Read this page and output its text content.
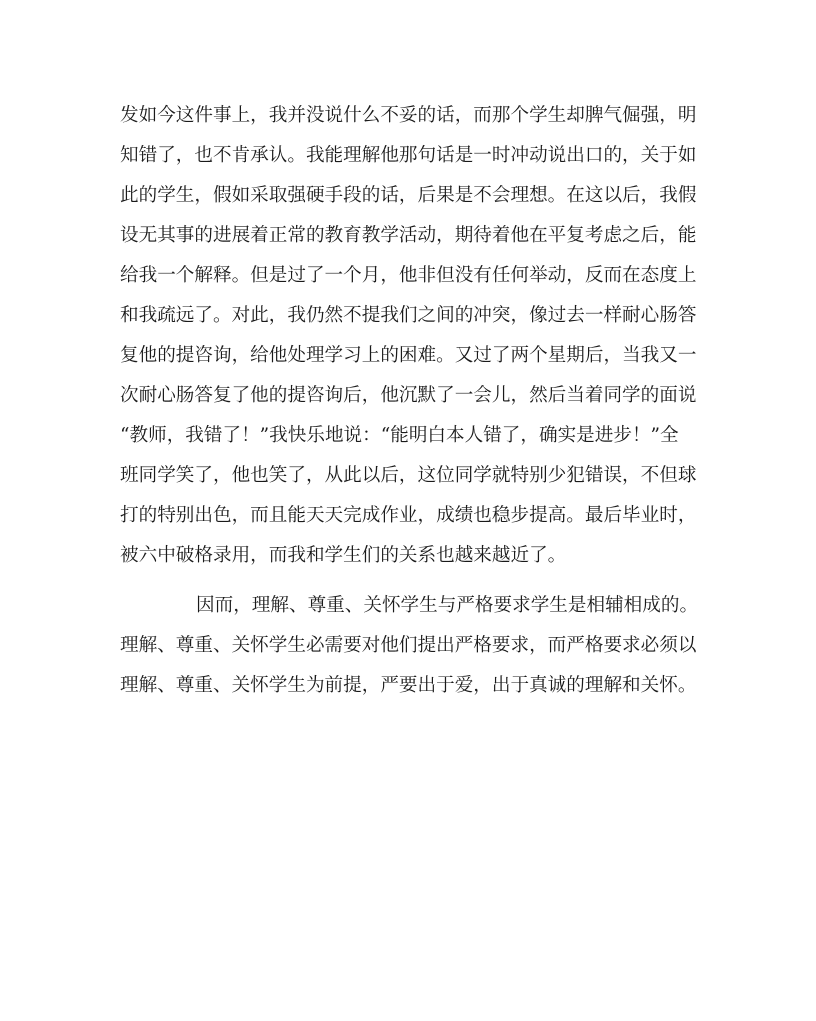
发如今这件事上，我并没说什么不妥的话，而那个学生却脾气倔强，明
知错了，也不肯承认。我能理解他那句话是一时冲动说出口的，关于如
此的学生，假如采取强硬手段的话，后果是不会理想。在这以后，我假
设无其事的进展着正常的教育教学活动，期待着他在平复考虑之后，能
给我一个解释。但是过了一个月，他非但没有任何举动，反而在态度上
和我疏远了。对此，我仍然不提我们之间的冲突，像过去一样耐心肠答
复他的提咨询，给他处理学习上的困难。又过了两个星期后，当我又一
次耐心肠答复了他的提咨询后，他沉默了一会儿，然后当着同学的面说
“教师，我错了！”我快乐地说：“能明白本人错了，确实是进步！”全
班同学笑了，他也笑了，从此以后，这位同学就特别少犯错误，不但球
打的特别出色，而且能天天完成作业，成绩也稳步提高。最后毕业时，
被六中破格录用，而我和学生们的关系也越来越近了。
因而，理解、尊重、关怀学生与严格要求学生是相辅相成的。
理解、尊重、关怀学生必需要对他们提出严格要求，而严格要求必须以
理解、尊重、关怀学生为前提，严要出于爱，出于真诚的理解和关怀。
